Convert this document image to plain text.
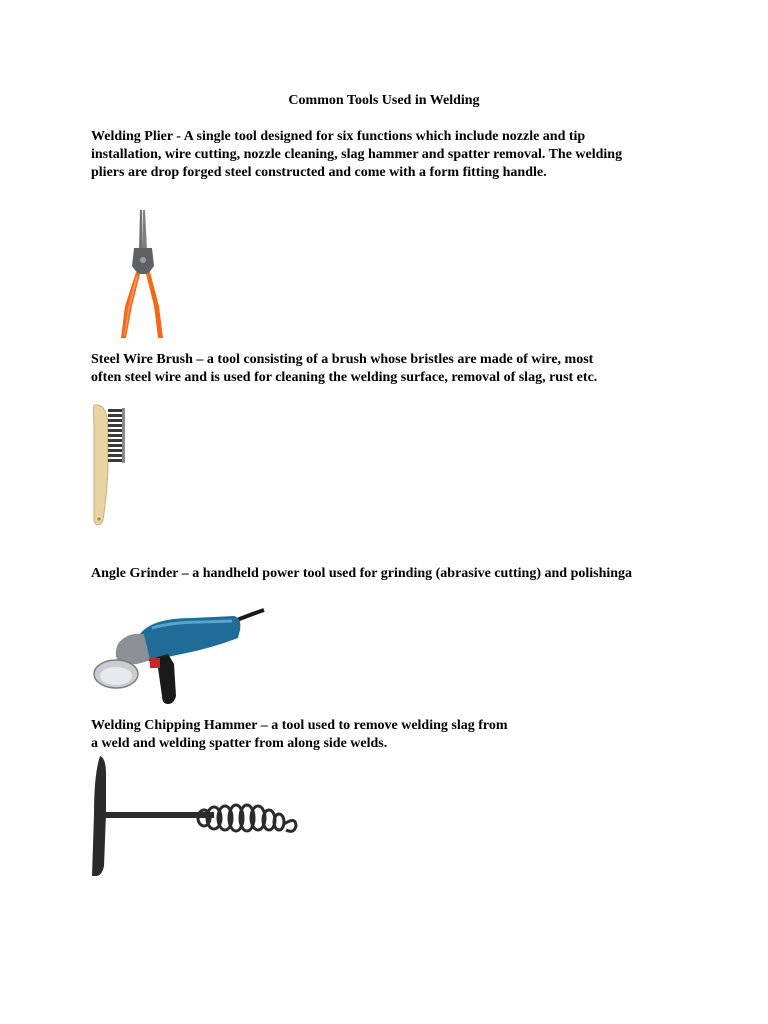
Common Tools Used in Welding
Welding Plier - A single tool designed for six functions which include nozzle and tip
installation, wire cutting, nozzle cleaning, slag hammer and spatter removal. The welding
pliers are drop forged steel constructed and come with a form fitting handle.
Steel Wire Brush – a tool consisting of a brush whose bristles are made of wire, most
often steel wire and is used for cleaning the welding surface, removal of slag, rust etc.
Angle Grinder – a handheld power tool used for grinding (abrasive cutting) and polishinga
Welding Chipping Hammer – a tool used to remove welding slag from
a weld and welding spatter from along side welds.
